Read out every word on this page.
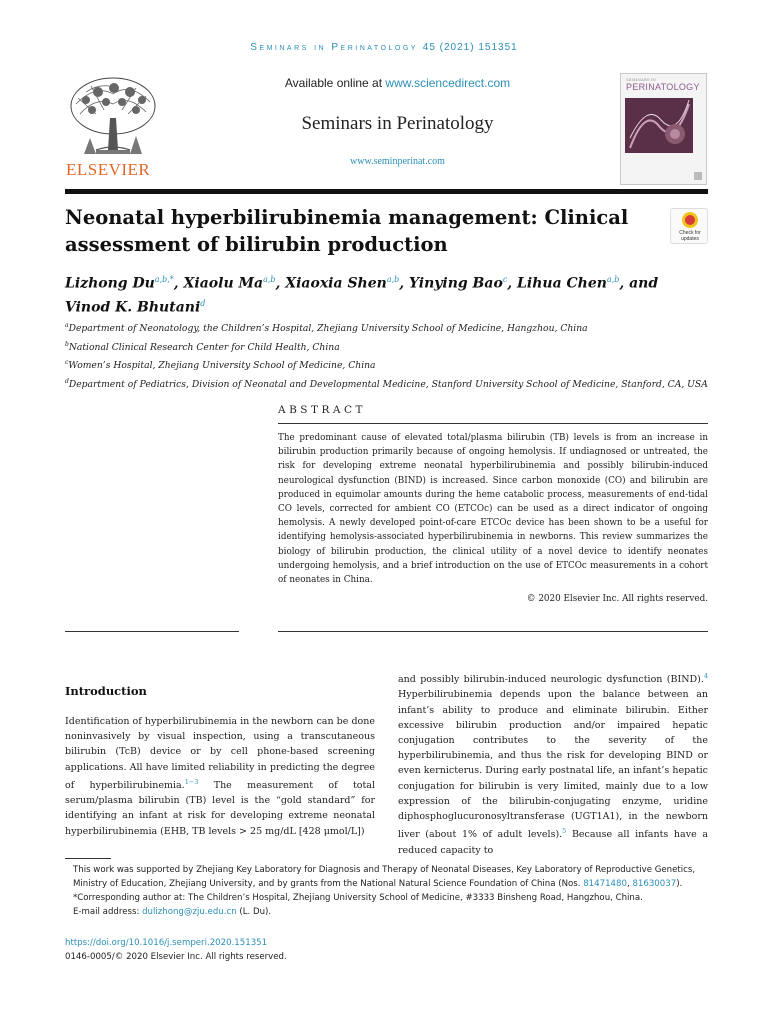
Seminars in Perinatology 45 (2021) 151351
ELSEVIER
Available online at www.sciencedirect.com
Seminars in Perinatology
www.seminperinat.com
SEMINARS IN
PERINATOLOGY
Neonatal hyperbilirubinemia management: Clinical assessment of bilirubin production	Check for
updates
Lizhong $Du^{a,b,*}$, Xiaolu Ma$^{a,b}$, Xiaoxia Shen$^{a,b}$, Yinying Bao$^c$, Lihua Chen$^{a,b}$, and
Vinod K. Bhutani$^d$
$^a$Department of Neonatology, the Children’s Hospital, Zhejiang University School of Medicine, Hangzhou, China
$^b$National Clinical Research Center for Child Health, China
$^c$Women’s Hospital, Zhejiang University School of Medicine, China
$^d$Department of Pediatrics, Division of Neonatal and Developmental Medicine, Stanford University School of Medicine, Stanford, CA, USA
ABSTRACT

The predominant cause of elevated total/plasma bilirubin (TB) levels is from an increase in bilirubin production primarily because of ongoing hemolysis. If undiagnosed or untreated, the risk for developing extreme neonatal hyperbilirubinemia and possibly bilirubin-induced neurological dysfunction (BIND) is increased. Since carbon monoxide (CO) and bilirubin are produced in equimolar amounts during the heme catabolic process, measurements of end-tidal CO levels, corrected for ambient CO (ETCOc) can be used as a direct indicator of ongoing hemolysis. A newly developed point-of-care ETCOc device has been shown to be a useful for identifying hemolysis-associated hyperbilirubinemia in newborns. This review summarizes the biology of bilirubin production, the clinical utility of a novel device to identify neonates undergoing hemolysis, and a brief introduction on the use of ETCOc measurements in a cohort of neonates in China.

© 2020 Elsevier Inc. All rights reserved.
Introduction

Identification of hyperbilirubinemia in the newborn can be done noninvasively by visual inspection, using a transcutaneous bilirubin (TcB) device or by cell phone-based screening applications. All have limited reliability in predicting the degree of hyperbilirubinemia.$^{1-3}$ The measurement of total serum/plasma bilirubin (TB) level is the “gold standard” for identifying an infant at risk for developing extreme neonatal hyperbilirubinemia (EHB, TB levels > 25 mg/dL [428 μmol/L])

and possibly bilirubin-induced neurologic dysfunction (BIND).$^4$ Hyperbilirubinemia depends upon the balance between an infant’s ability to produce and eliminate bilirubin. Either excessive bilirubin production and/or impaired hepatic conjugation contributes to the severity of the hyperbilirubinemia, and thus the risk for developing BIND or even kernicterus. During early postnatal life, an infant’s hepatic conjugation for bilirubin is very limited, mainly due to a low expression of the bilirubin-conjugating enzyme, uridine diphosphoglucuronosyltransferase (UGT1A1), in the newborn liver (about 1% of adult levels).$^5$ Because all infants have a reduced capacity to

This work was supported by Zhejiang Key Laboratory for Diagnosis and Therapy of Neonatal Diseases, Key Laboratory of Reproductive Genetics, Ministry of Education, Zhejiang University, and by grants from the National Natural Science Foundation of China (Nos. 81471480, 81630037).
*Corresponding author at: The Children’s Hospital, Zhejiang University School of Medicine, #3333 Binsheng Road, Hangzhou, China.
E-mail address: dulizhong@zju.edu.cn (L. Du).
https://doi.org/10.1016/j.semperi.2020.151351
0146-0005/© 2020 Elsevier Inc. All rights reserved.
